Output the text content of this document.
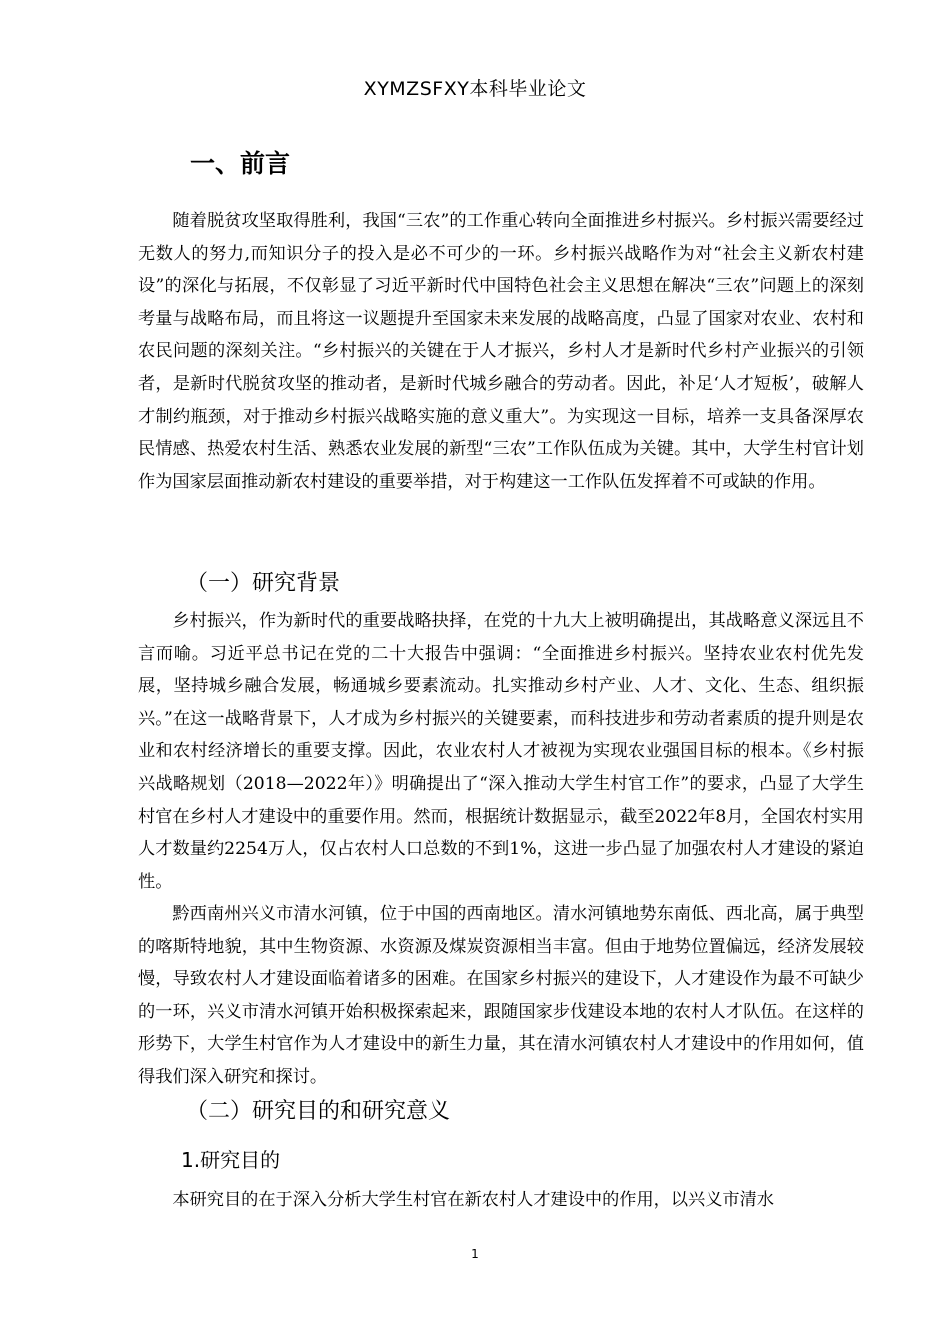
XYMZSFXY本科毕业论文
一、前言

随着脱贫攻坚取得胜利，我国“三农”的工作重心转向全面推进乡村振兴。乡村振兴需要经过无数人的努力,而知识分子的投入是必不可少的一环。乡村振兴战略作为对“社会主义新农村建设”的深化与拓展，不仅彰显了习近平新时代中国特色社会主义思想在解决“三农”问题上的深刻考量与战略布局，而且将这一议题提升至国家未来发展的战略高度，凸显了国家对农业、农村和农民问题的深刻关注。“乡村振兴的关键在于人才振兴，乡村人才是新时代乡村产业振兴的引领者，是新时代脱贫攻坚的推动者，是新时代城乡融合的劳动者。因此，补足‘人才短板’，破解人才制约瓶颈，对于推动乡村振兴战略实施的意义重大”。为实现这一目标，培养一支具备深厚农民情感、热爱农村生活、熟悉农业发展的新型“三农”工作队伍成为关键。其中，大学生村官计划作为国家层面推动新农村建设的重要举措，对于构建这一工作队伍发挥着不可或缺的作用。

（一）研究背景

乡村振兴，作为新时代的重要战略抉择，在党的十九大上被明确提出，其战略意义深远且不言而喻。习近平总书记在党的二十大报告中强调：“全面推进乡村振兴。坚持农业农村优先发展，坚持城乡融合发展，畅通城乡要素流动。扎实推动乡村产业、人才、文化、生态、组织振兴。”在这一战略背景下，人才成为乡村振兴的关键要素，而科技进步和劳动者素质的提升则是农业和农村经济增长的重要支撑。因此，农业农村人才被视为实现农业强国目标的根本。《乡村振兴战略规划（2018—2022年）》明确提出了“深入推动大学生村官工作”的要求，凸显了大学生村官在乡村人才建设中的重要作用。然而，根据统计数据显示，截至2022年8月，全国农村实用人才数量约2254万人，仅占农村人口总数的不到1%，这进一步凸显了加强农村人才建设的紧迫性。

黔西南州兴义市清水河镇，位于中国的西南地区。清水河镇地势东南低、西北高，属于典型的喀斯特地貌，其中生物资源、水资源及煤炭资源相当丰富。但由于地势位置偏远，经济发展较慢，导致农村人才建设面临着诸多的困难。在国家乡村振兴的建设下，人才建设作为最不可缺少的一环，兴义市清水河镇开始积极探索起来，跟随国家步伐建设本地的农村人才队伍。在这样的形势下，大学生村官作为人才建设中的新生力量，其在清水河镇农村人才建设中的作用如何，值得我们深入研究和探讨。

（二）研究目的和研究意义
1.研究目的

本研究目的在于深入分析大学生村官在新农村人才建设中的作用，以兴义市清水

1
